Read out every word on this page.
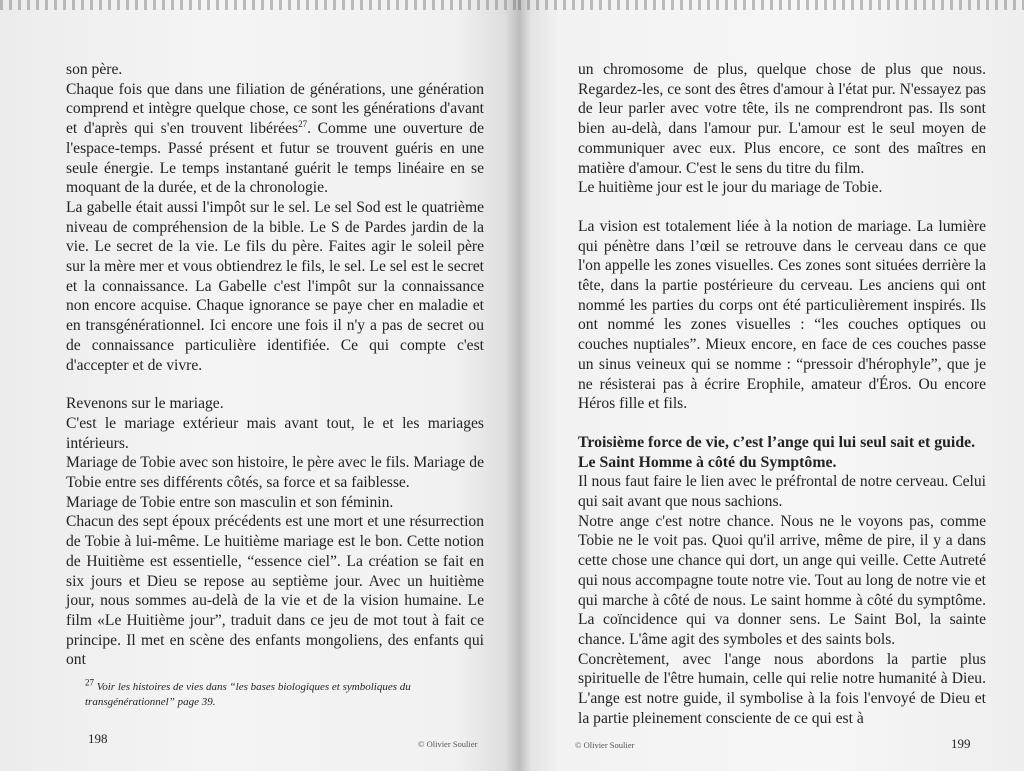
son père.

Chaque fois que dans une filiation de générations, une génération comprend et intègre quelque chose, ce sont les générations d'avant et d'après qui s'en trouvent libérées$^{27}$. Comme une ouverture de l'espace-temps. Passé présent et futur se trouvent guéris en une seule énergie. Le temps instantané guérit le temps linéaire en se moquant de la durée, et de la chronologie.

La gabelle était aussi l'impôt sur le sel. Le sel Sod est le quatrième niveau de compréhension de la bible. Le S de Pardes jardin de la vie. Le secret de la vie. Le fils du père. Faites agir le soleil père sur la mère mer et vous obtiendrez le fils, le sel. Le sel est le secret et la connaissance. La Gabelle c'est l'impôt sur la connaissance non encore acquise. Chaque ignorance se paye cher en maladie et en transgénérationnel. Ici encore une fois il n'y a pas de secret ou de connaissance particulière identifiée. Ce qui compte c'est d'accepter et de vivre.

Revenons sur le mariage.

C'est le mariage extérieur mais avant tout, le et les mariages intérieurs.

Mariage de Tobie avec son histoire, le père avec le fils. Mariage de Tobie entre ses différents côtés, sa force et sa faiblesse.

Mariage de Tobie entre son masculin et son féminin.

Chacun des sept époux précédents est une mort et une résurrection de Tobie à lui-même. Le huitième mariage est le bon. Cette notion de Huitième est essentielle, “essence ciel”. La création se fait en six jours et Dieu se repose au septième jour. Avec un huitième jour, nous sommes au-delà de la vie et de la vision humaine. Le film «Le Huitième jour”, traduit dans ce jeu de mot tout à fait ce principe. Il met en scène des enfants mongoliens, des enfants qui ont

$^{27}$ Voir les histoires de vies dans “les bases biologiques et symboliques du transgénérationnel” page 39.
198	© Olivier Soulier

un chromosome de plus, quelque chose de plus que nous. Regardez-les, ce sont des êtres d'amour à l'état pur. N'essayez pas de leur parler avec votre tête, ils ne comprendront pas. Ils sont bien au-delà, dans l'amour pur. L'amour est le seul moyen de communiquer avec eux. Plus encore, ce sont des maîtres en matière d'amour. C'est le sens du titre du film.

Le huitième jour est le jour du mariage de Tobie.

La vision est totalement liée à la notion de mariage. La lumière qui pénètre dans l’œil se retrouve dans le cerveau dans ce que l'on appelle les zones visuelles. Ces zones sont situées derrière la tête, dans la partie postérieure du cerveau. Les anciens qui ont nommé les parties du corps ont été particulièrement inspirés. Ils ont nommé les zones visuelles : “les couches optiques ou couches nuptiales”. Mieux encore, en face de ces couches passe un sinus veineux qui se nomme : “pressoir d'hérophyle”, que je ne résisterai pas à écrire Erophile, amateur d'Éros. Ou encore Héros fille et fils.

Troisième force de vie, c’est l’ange qui lui seul sait et guide.

Le Saint Homme à côté du Symptôme.

Il nous faut faire le lien avec le préfrontal de notre cerveau. Celui qui sait avant que nous sachions.

Notre ange c'est notre chance. Nous ne le voyons pas, comme Tobie ne le voit pas. Quoi qu'il arrive, même de pire, il y a dans cette chose une chance qui dort, un ange qui veille. Cette Autreté qui nous accompagne toute notre vie. Tout au long de notre vie et qui marche à côté de nous. Le saint homme à côté du symptôme. La coïncidence qui va donner sens. Le Saint Bol, la sainte chance. L'âme agit des symboles et des saints bols.

Concrètement, avec l'ange nous abordons la partie plus spirituelle de l'être humain, celle qui relie notre humanité à Dieu. L'ange est notre guide, il symbolise à la fois l'envoyé de Dieu et la partie pleinement consciente de ce qui est à

© Olivier Soulier	199
